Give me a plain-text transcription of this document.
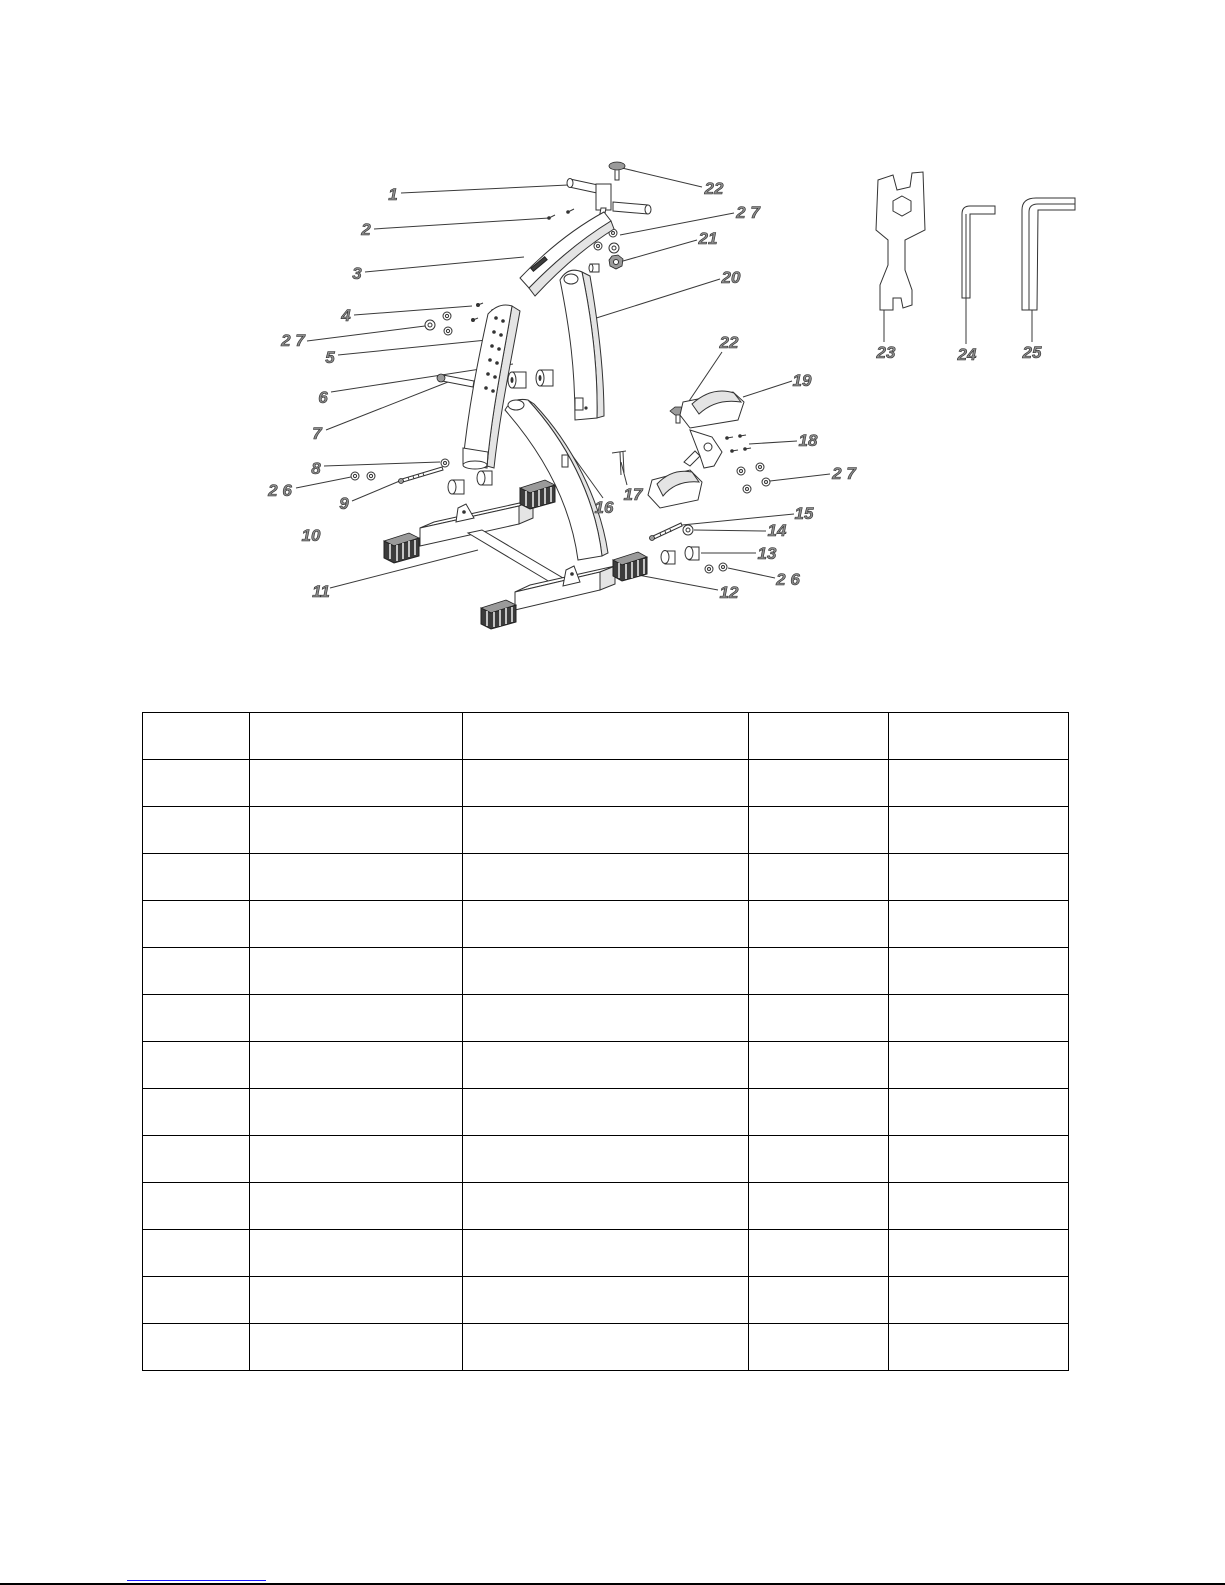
1	22
2
2 7
21
3	20
4
2 7
5
22
6
19
7	18
8	2 7
2 6	17
9	16	15
10	14
13
2 6
11	12
23	24	25
